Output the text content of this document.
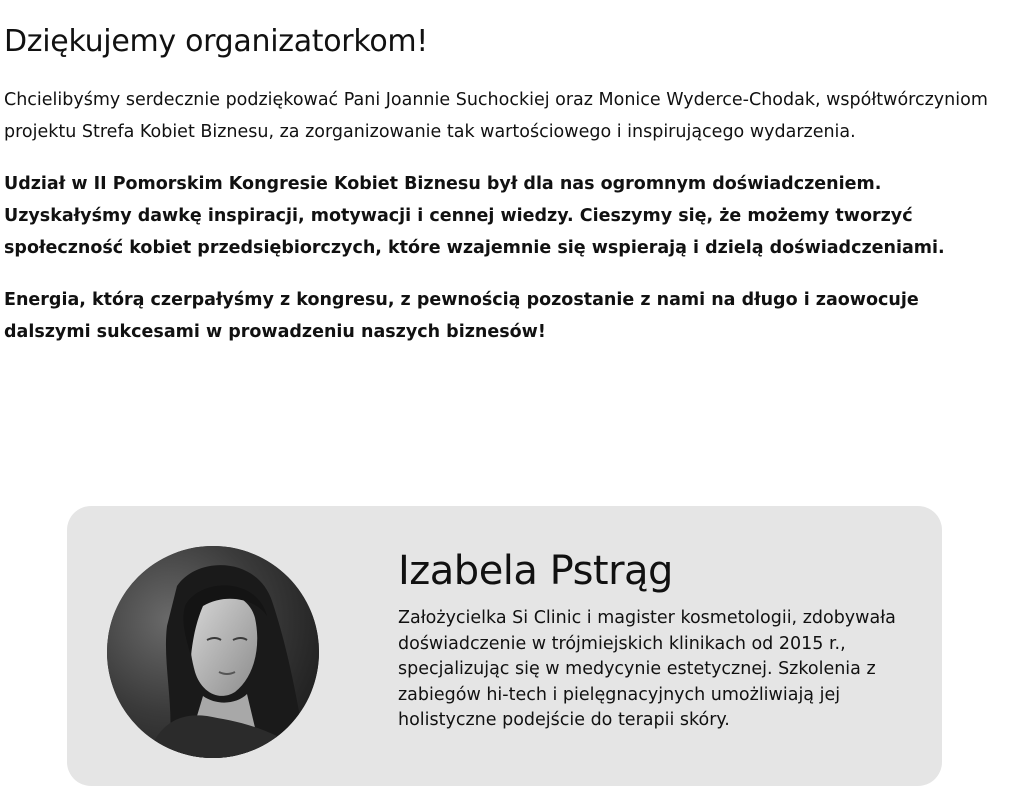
Dziękujemy organizatorkom!

Chcielibyśmy serdecznie podziękować Pani Joannie Suchockiej oraz Monice Wyderce-Chodak, współtwórczyniom projektu Strefa Kobiet Biznesu, za zorganizowanie tak wartościowego i inspirującego wydarzenia.

Udział w II Pomorskim Kongresie Kobiet Biznesu był dla nas ogromnym doświadczeniem. Uzyskałyśmy dawkę inspiracji, motywacji i cennej wiedzy. Cieszymy się, że możemy tworzyć społeczność kobiet przedsiębiorczych, które wzajemnie się wspierają i dzielą doświadczeniami.

Energia, którą czerpałyśmy z kongresu, z pewnością pozostanie z nami na długo i zaowocuje dalszymi sukcesami w prowadzeniu naszych biznesów!

Izabela Pstrąg

Założycielka Si Clinic i magister kosmetologii, zdobywała doświadczenie w trójmiejskich klinikach od 2015 r., specjalizując się w medycynie estetycznej. Szkolenia z zabiegów hi-tech i pielęgnacyjnych umożliwiają jej holistyczne podejście do terapii skóry.
